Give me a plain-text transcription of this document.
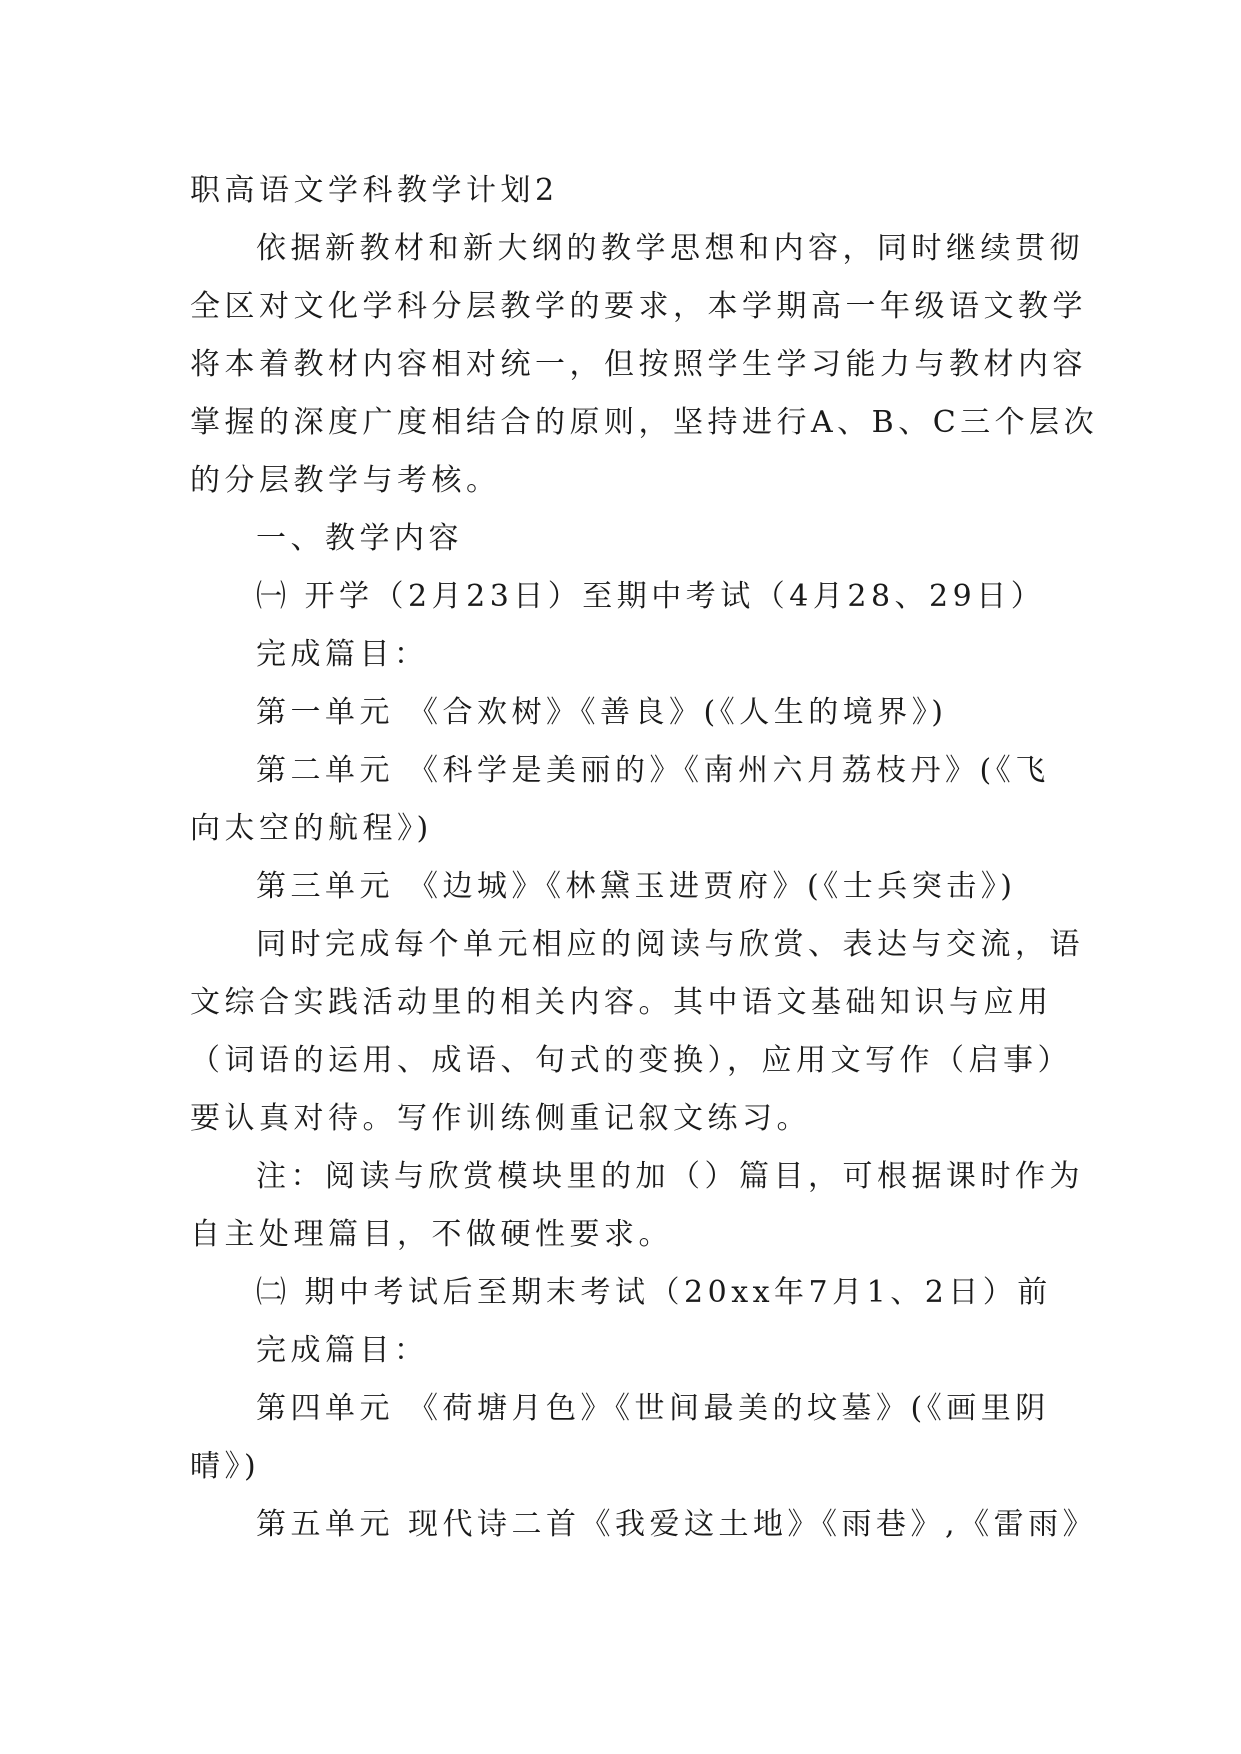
职高语文学科教学计划2
依据新教材和新大纲的教学思想和内容，同时继续贯彻
全区对文化学科分层教学的要求，本学期高一年级语文教学
将本着教材内容相对统一，但按照学生学习能力与教材内容
掌握的深度广度相结合的原则，坚持进行A、B、C三个层次
的分层教学与考核。
一、教学内容
㈠ 开学（2月23日）至期中考试（4月28、29日）
完成篇目：
第一单元 《合欢树》《善良》(《人生的境界》)
第二单元 《科学是美丽的》《南州六月荔枝丹》(《飞
向太空的航程》)
第三单元 《边城》《林黛玉进贾府》(《士兵突击》)
同时完成每个单元相应的阅读与欣赏、表达与交流，语
文综合实践活动里的相关内容。其中语文基础知识与应用
（词语的运用、成语、句式的变换），应用文写作（启事）
要认真对待。写作训练侧重记叙文练习。
注：阅读与欣赏模块里的加（）篇目，可根据课时作为
自主处理篇目，不做硬性要求。
㈡ 期中考试后至期末考试（20xx年7月1、2日）前
完成篇目：
第四单元 《荷塘月色》《世间最美的坟墓》(《画里阴
晴》)
第五单元 现代诗二首《我爱这土地》《雨巷》,《雷雨》
